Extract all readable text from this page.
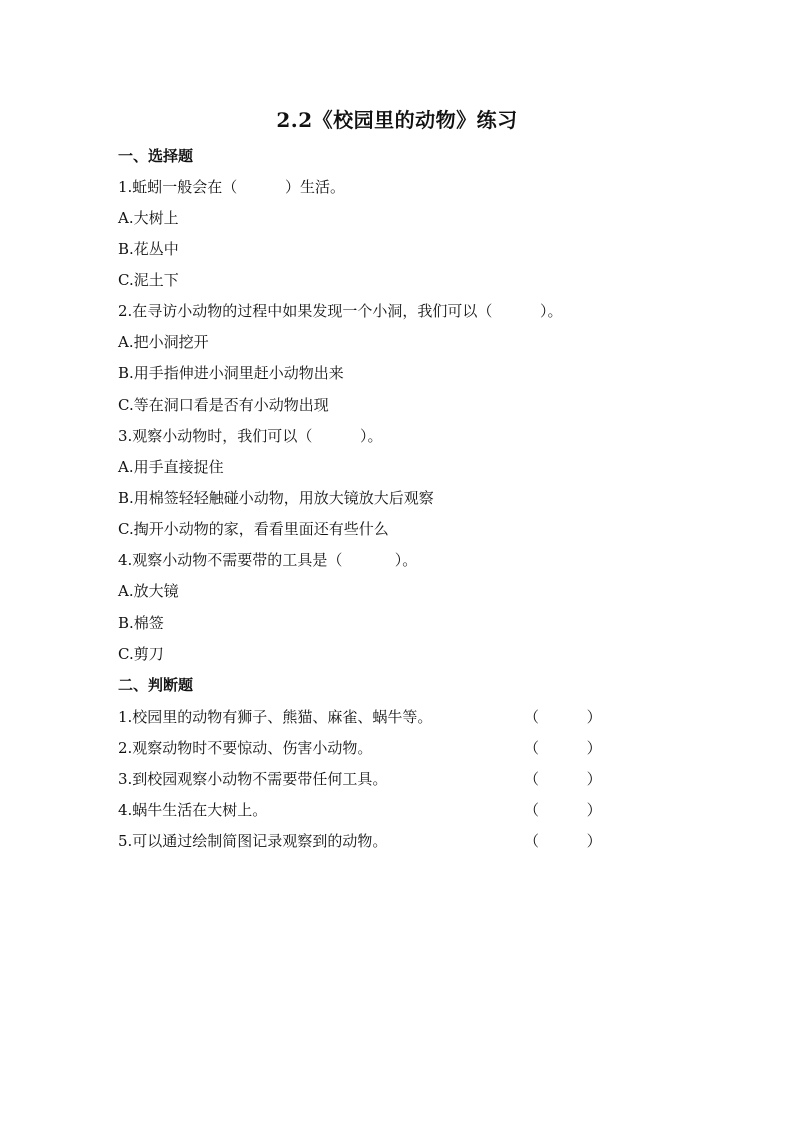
2.2《校园里的动物》练习
一、选择题
1.蚯蚓一般会在（          ）生活。
A.大树上
B.花丛中
C.泥土下
2.在寻访小动物的过程中如果发现一个小洞，我们可以（          ）。
A.把小洞挖开
B.用手指伸进小洞里赶小动物出来
C.等在洞口看是否有小动物出现
3.观察小动物时，我们可以（          ）。
A.用手直接捉住
B.用棉签轻轻触碰小动物，用放大镜放大后观察
C.掏开小动物的家，看看里面还有些什么
4.观察小动物不需要带的工具是（           ）。
A.放大镜
B.棉签
C.剪刀
二、判断题
1.校园里的动物有狮子、熊猫、麻雀、蜗牛等。	（          ）
2.观察动物时不要惊动、伤害小动物。	（          ）
3.到校园观察小动物不需要带任何工具。	（          ）
4.蜗牛生活在大树上。	（          ）
5.可以通过绘制简图记录观察到的动物。	（          ）
